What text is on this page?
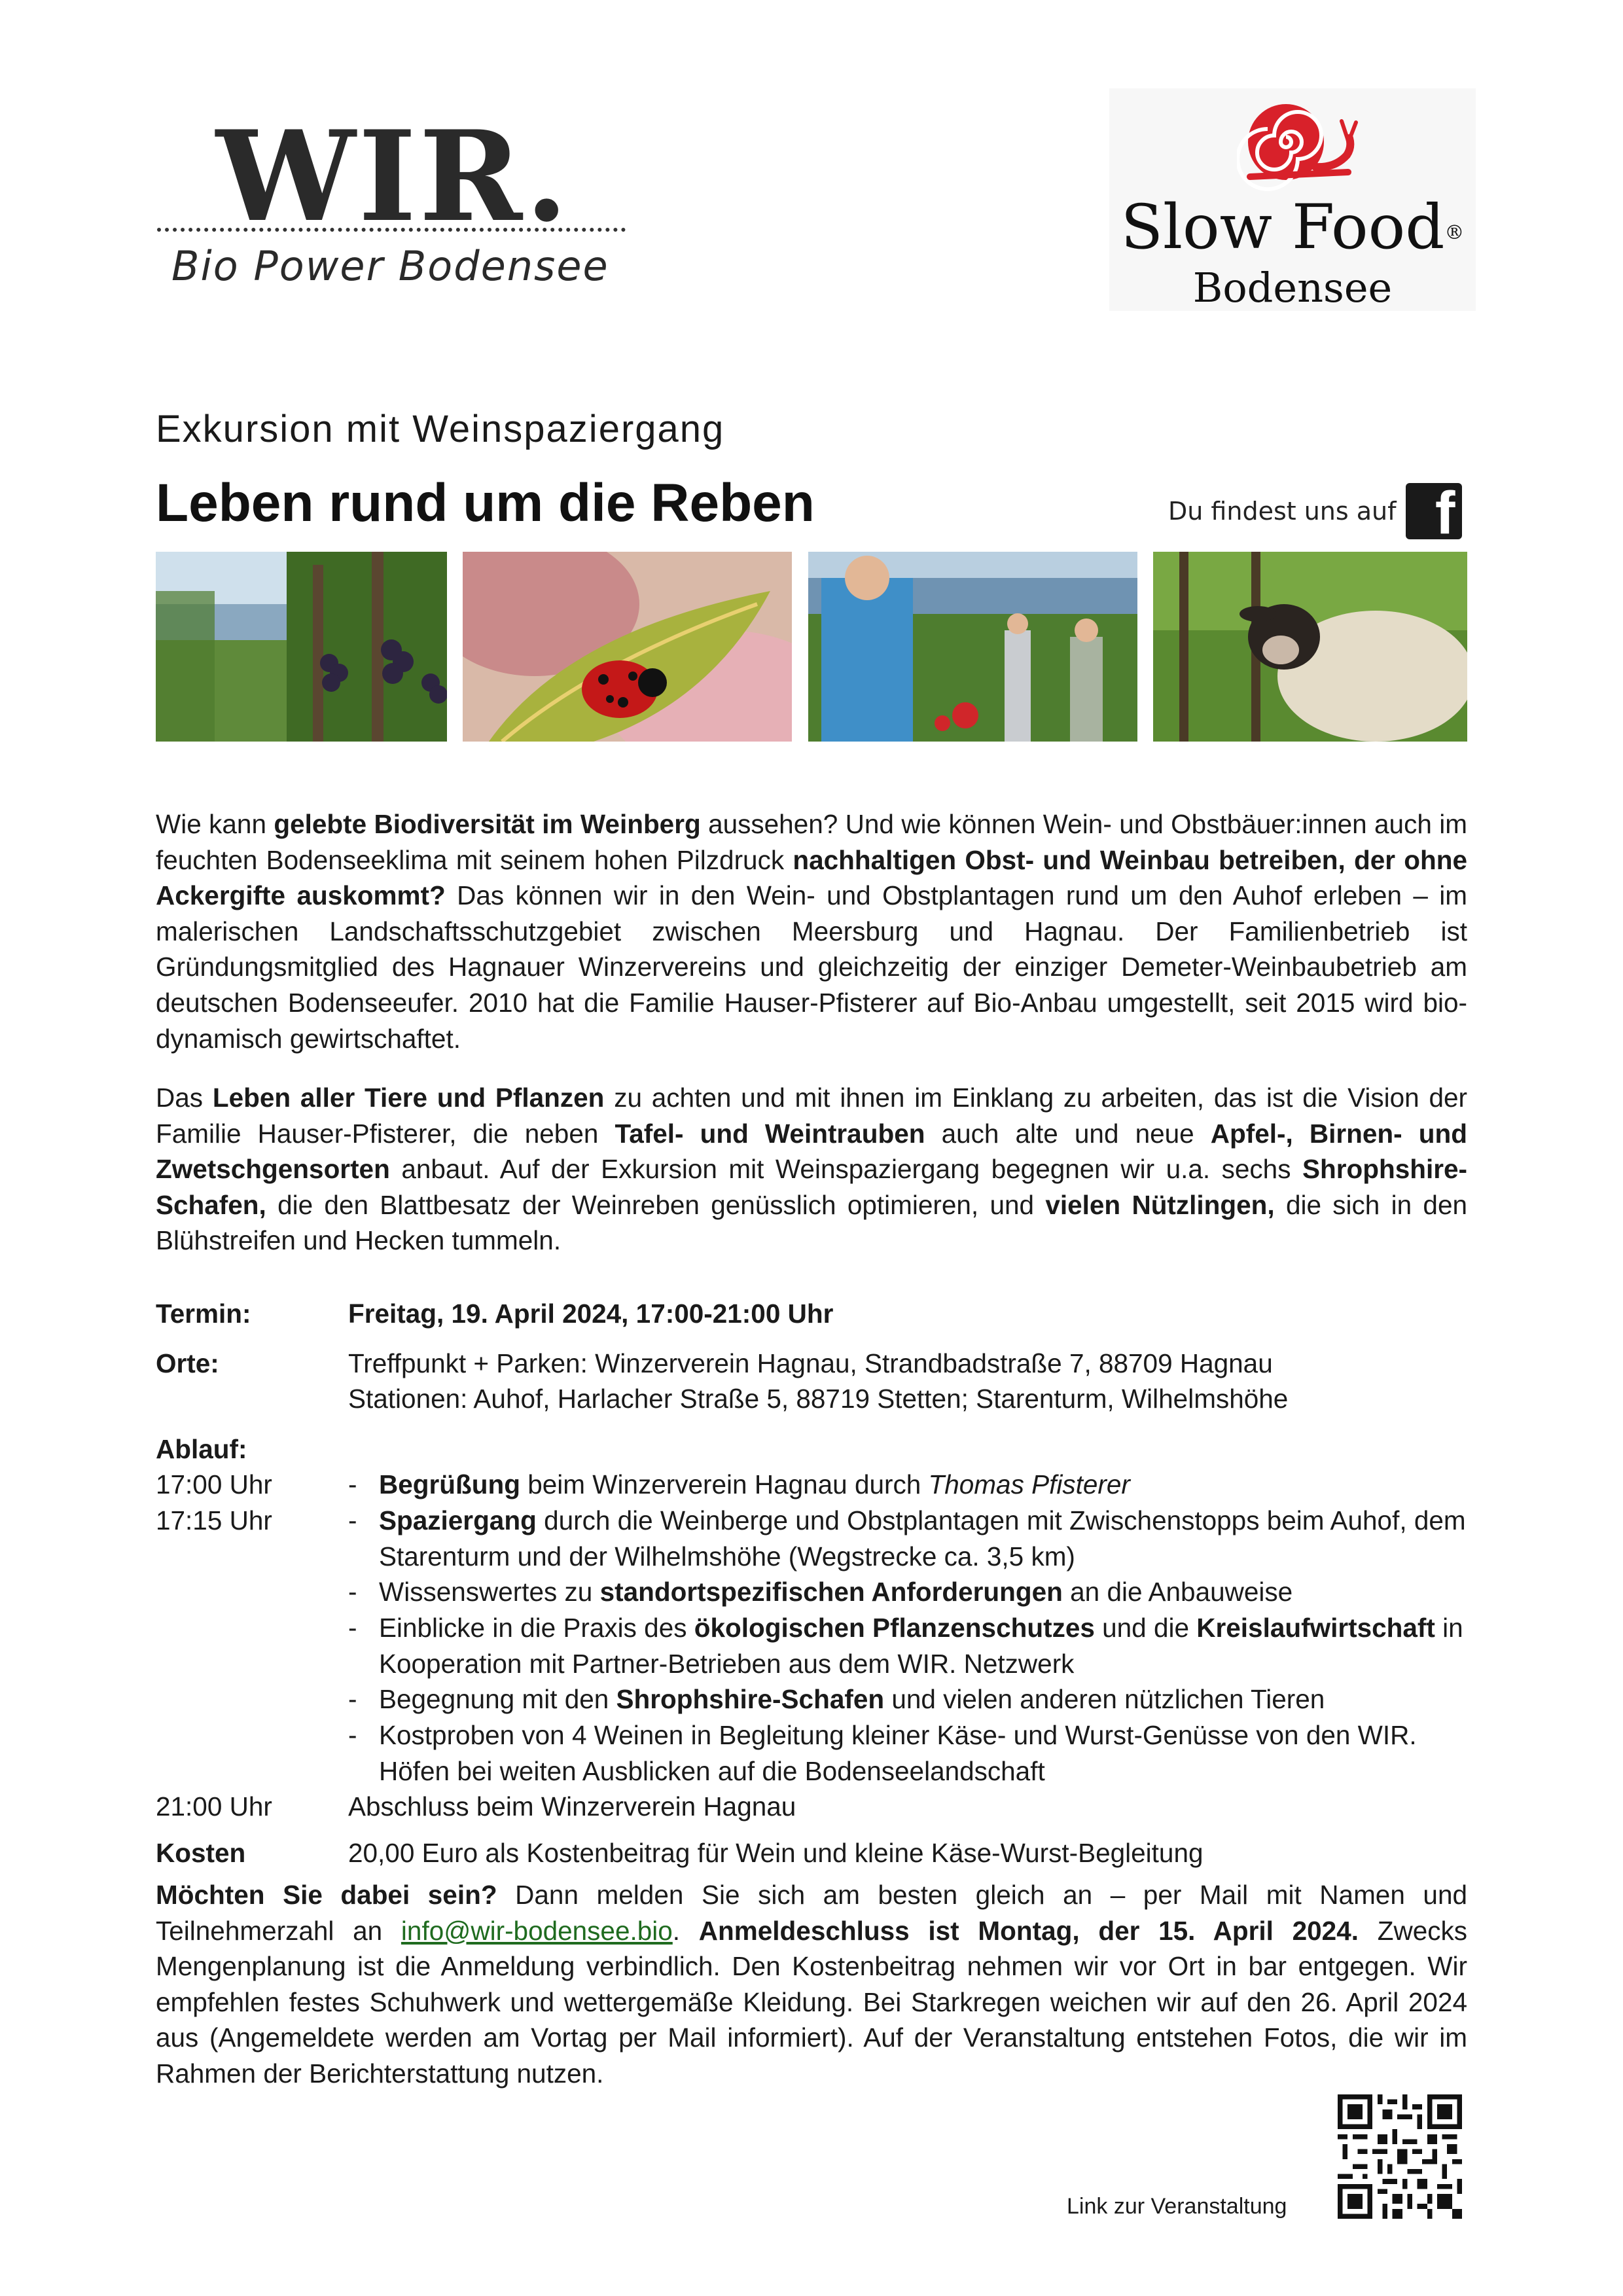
WIR.
Bio Power Bodensee
Slow Food®
Bodensee
Exkursion mit Weinspaziergang
Leben rund um die Reben	Du findest uns auf f
Wie kann gelebte Biodiversität im Weinberg aussehen? Und wie können Wein- und Obstbäuer:innen auch im feuchten Bodenseeklima mit seinem hohen Pilzdruck nachhaltigen Obst- und Weinbau betreiben, der ohne Ackergifte auskommt? Das können wir in den Wein- und Obstplantagen rund um den Auhof erleben – im malerischen Landschaftsschutzgebiet zwischen Meersburg und Hagnau. Der Familienbetrieb ist Gründungsmitglied des Hagnauer Winzervereins und gleichzeitig der einziger Demeter-Weinbaubetrieb am deutschen Bodenseeufer. 2010 hat die Familie Hauser-Pfisterer auf Bio-Anbau umgestellt, seit 2015 wird bio-dynamisch gewirtschaftet.
Das Leben aller Tiere und Pflanzen zu achten und mit ihnen im Einklang zu arbeiten, das ist die Vision der Familie Hauser-Pfisterer, die neben Tafel- und Weintrauben auch alte und neue Apfel-, Birnen- und Zwetschgensorten anbaut. Auf der Exkursion mit Weinspaziergang begegnen wir u.a. sechs Shrophshire-Schafen, die den Blattbesatz der Weinreben genüsslich optimieren, und vielen Nützlingen, die sich in den Blühstreifen und Hecken tummeln.
Termin:	Freitag, 19. April 2024, 17:00-21:00 Uhr
Orte:	Treffpunkt + Parken: Winzerverein Hagnau, Strandbadstraße 7, 88709 Hagnau
Stationen: Auhof, Harlacher Straße 5, 88719 Stetten; Starenturm, Wilhelmshöhe
Ablauf:
17:00 Uhr	- Begrüßung beim Winzerverein Hagnau durch Thomas Pfisterer
17:15 Uhr	- Spaziergang durch die Weinberge und Obstplantagen mit Zwischenstopps beim Auhof, dem Starenturm und der Wilhelmshöhe (Wegstrecke ca. 3,5 km)
- Wissenswertes zu standortspezifischen Anforderungen an die Anbauweise
- Einblicke in die Praxis des ökologischen Pflanzenschutzes und die Kreislaufwirtschaft in Kooperation mit Partner-Betrieben aus dem WIR. Netzwerk
- Begegnung mit den Shrophshire-Schafen und vielen anderen nützlichen Tieren
- Kostproben von 4 Weinen in Begleitung kleiner Käse- und Wurst-Genüsse von den WIR. Höfen bei weiten Ausblicken auf die Bodenseelandschaft
21:00 Uhr	Abschluss beim Winzerverein Hagnau
Kosten	20,00 Euro als Kostenbeitrag für Wein und kleine Käse-Wurst-Begleitung
Möchten Sie dabei sein? Dann melden Sie sich am besten gleich an – per Mail mit Namen und Teilnehmerzahl an info@wir-bodensee.bio. Anmeldeschluss ist Montag, der 15. April 2024. Zwecks Mengenplanung ist die Anmeldung verbindlich. Den Kostenbeitrag nehmen wir vor Ort in bar entgegen. Wir empfehlen festes Schuhwerk und wettergemäße Kleidung. Bei Starkregen weichen wir auf den 26. April 2024 aus (Angemeldete werden am Vortag per Mail informiert). Auf der Veranstaltung entstehen Fotos, die wir im Rahmen der Berichterstattung nutzen.
Link zur Veranstaltung
